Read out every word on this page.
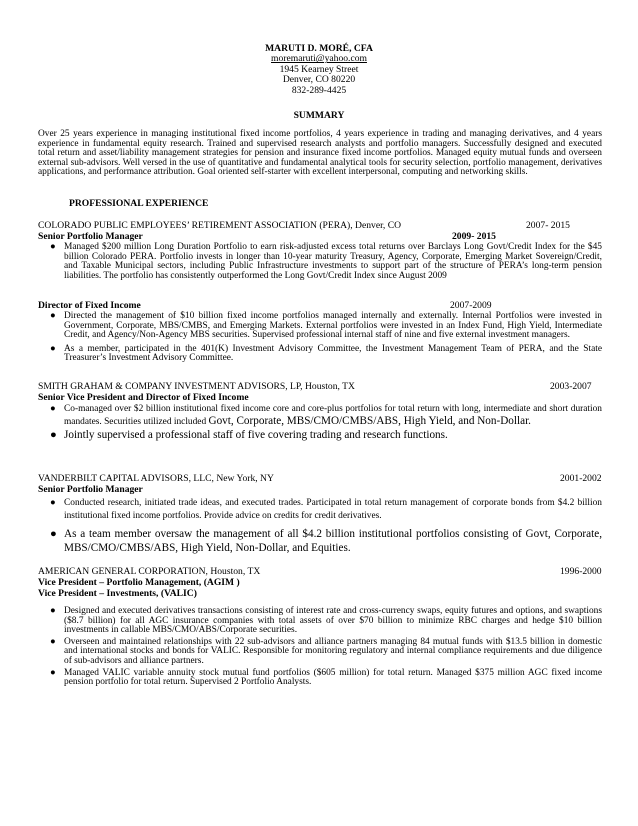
MARUTI D. MORÉ, CFA
moremaruti@yahoo.com
1945 Kearney Street
Denver, CO 80220
832-289-4425
SUMMARY
Over 25 years experience in managing institutional fixed income portfolios, 4 years experience in trading and managing derivatives, and 4 years experience in fundamental equity research. Trained and supervised research analysts and portfolio managers. Successfully designed and executed total return and asset/liability management strategies for pension and insurance fixed income portfolios. Managed equity mutual funds and overseen external sub-advisors. Well versed in the use of quantitative and fundamental analytical tools for security selection, portfolio management, derivatives applications, and performance attribution. Goal oriented self-starter with excellent interpersonal, computing and networking skills.
PROFESSIONAL EXPERIENCE
COLORADO PUBLIC EMPLOYEES’ RETIREMENT ASSOCIATION (PERA), Denver, CO	2007- 2015
Senior Portfolio Manager	2009- 2015
● Managed $200 million Long Duration Portfolio to earn risk-adjusted excess total returns over Barclays Long Govt/Credit Index for the $45 billion Colorado PERA. Portfolio invests in longer than 10-year maturity Treasury, Agency, Corporate, Emerging Market Sovereign/Credit, and Taxable Municipal sectors, including Public Infrastructure investments to support part of the structure of PERA’s long-term pension liabilities. The portfolio has consistently outperformed the Long Govt/Credit Index since August 2009
Director of Fixed Income	2007-2009
● Directed the management of $10 billion fixed income portfolios managed internally and externally. Internal Portfolios were invested in Government, Corporate, MBS/CMBS, and Emerging Markets. External portfolios were invested in an Index Fund, High Yield, Intermediate Credit, and Agency/Non-Agency MBS securities. Supervised professional internal staff of nine and five external investment managers.
● As a member, participated in the 401(K) Investment Advisory Committee, the Investment Management Team of PERA, and the State Treasurer’s Investment Advisory Committee.
SMITH GRAHAM & COMPANY INVESTMENT ADVISORS, LP, Houston, TX	2003-2007
Senior Vice President and Director of Fixed Income
● Co-managed over $2 billion institutional fixed income core and core-plus portfolios for total return with long, intermediate and short duration mandates. Securities utilized included Govt, Corporate, MBS/CMO/CMBS/ABS, High Yield, and Non-Dollar.
● Jointly supervised a professional staff of five covering trading and research functions.
VANDERBILT CAPITAL ADVISORS, LLC, New York, NY	2001-2002
Senior Portfolio Manager
● Conducted research, initiated trade ideas, and executed trades. Participated in total return management of corporate bonds from $4.2 billion institutional fixed income portfolios. Provide advice on credits for credit derivatives.
● As a team member oversaw the management of all $4.2 billion institutional portfolios consisting of Govt, Corporate, MBS/CMO/CMBS/ABS, High Yield, Non-Dollar, and Equities.
AMERICAN GENERAL CORPORATION, Houston, TX	1996-2000
Vice President – Portfolio Management, (AGIM )
Vice President – Investments, (VALIC)
● Designed and executed derivatives transactions consisting of interest rate and cross-currency swaps, equity futures and options, and swaptions ($8.7 billion) for all AGC insurance companies with total assets of over $70 billion to minimize RBC charges and hedge $10 billion investments in callable MBS/CMO/ABS/Corporate securities.
● Overseen and maintained relationships with 22 sub-advisors and alliance partners managing 84 mutual funds with $13.5 billion in domestic and international stocks and bonds for VALIC. Responsible for monitoring regulatory and internal compliance requirements and due diligence of sub-advisors and alliance partners.
● Managed VALIC variable annuity stock mutual fund portfolios ($605 million) for total return. Managed $375 million AGC fixed income pension portfolio for total return. Supervised 2 Portfolio Analysts.
